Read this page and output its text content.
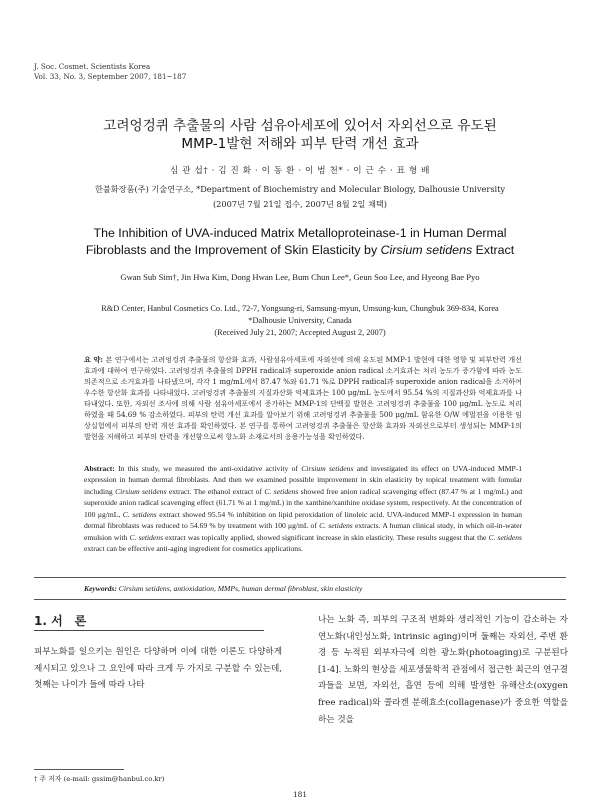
J. Soc. Cosmet. Scientists Korea
Vol. 33, No. 3, September 2007, 181~187
고려엉겅퀴 추출물의 사람 섬유아세포에 있어서 자외선으로 유도된
MMP-1발현 저해와 피부 탄력 개선 효과
심 관 섭† · 김 진 화 · 이 동 환 · 이 범 천* · 이 근 수 · 표 형 배
한불화장품(주) 기술연구소, *Department of Biochemistry and Molecular Biology, Dalhousie University
(2007년 7월 21일 접수, 2007년 8월 2일 채택)
The Inhibition of UVA-induced Matrix Metalloproteinase-1 in Human Dermal
Fibroblasts and the Improvement of Skin Elasticity by Cirsium setidens Extract
Gwan Sub Sim†, Jin Hwa Kim, Dong Hwan Lee, Bum Chun Lee*, Geun Soo Lee, and Hyeong Bae Pyo
R&D Center, Hanbul Cosmetics Co. Ltd., 72-7, Yongsung-ri, Samsung-myun, Umsung-kun, Chungbuk 369-834, Korea
*Dalhousie University, Canada
(Received July 21, 2007; Accepted August 2, 2007)
요 약: 본 연구에서는 고려엉겅퀴 추출물의 항산화 효과, 사람섬유아세포에 자외선에 의해 유도된 MMP-1 발현에 대한 영향 및 피부탄력 개선효과에 대하여 연구하였다. 고려엉겅퀴 추출물의 DPPH radical과 superoxide anion radical 소거효과는 처리 농도가 증가함에 따라 농도 의존적으로 소거효과를 나타냈으며, 각각 1 mg/mL에서 87.47 %와 61.71 %로 DPPH radical과 superoxide anion radical을 소거하여 우수한 항산화 효과를 나타내었다. 고려엉겅퀴 추출물의 지질과산화 억제효과는 100 μg/mL 농도에서 95.54 %의 지질과산화 억제효과를 나타내었다. 또한, 자외선 조사에 의해 사람 섬유아세포에서 증가하는 MMP-1의 단백질 발현은 고려엉겅퀴 추출물을 100 μg/mL 농도로 처리하였을 때 54.69 % 감소하였다. 피부의 탄력 개선 효과를 알아보기 위해 고려엉겅퀴 추출물을 500 μg/mL 함유한 O/W 에멀젼을 이용한 임상실험에서 피부의 탄력 개선 효과를 확인하였다. 본 연구를 통하여 고려엉겅퀴 추출물은 항산화 효과와 자외선으로부터 생성되는 MMP-1의 발현을 저해하고 피부의 탄력을 개선함으로써 항노화 소재로서의 응용가능성을 확인하였다.
Abstract: In this study, we measured the anti-oxidative activity of Cirsium setidens and investigated its effect on UVA-induced MMP-1 expression in human dermal fibroblasts. And then we examined possible improvement in skin elasticity by topical treatment with fomular including Cirsium setidens extract. The ethanol extract of C. setidens showed free anion radical scavenging effect (87.47 % at 1 mg/mL) and superoxide anion radical scavenging effect (61.71 % at 1 mg/mL) in the xanthine/xanthine oxidase system, respectively. At the concentration of 100 μg/mL, C. setidens extract showed 95.54 % inhibition on lipid peroxidation of linoleic acid. UVA-induced MMP-1 expression in human dermal fibroblasts was reduced to 54.69 % by treatment with 100 μg/mL of C. setidens extracts. A human clinical study, in which oil-in-water emulsion with C. setidens extract was topically applied, showed significant increase in skin elasticity. These results suggest that the C. setidens extract can be effective anti-aging ingredient for cosmetics applications.
Keywords: Cirsium setidens, antioxidation, MMPs, human dermal fibroblast, skin elasticity
1. 서　론
피부노화를 일으키는 원인은 다양하며 이에 대한 이론도 다양하게 제시되고 있으나 그 요인에 따라 크게 두 가지로 구분할 수 있는데, 첫째는 나이가 들에 따라 나타
나는 노화 즉, 피부의 구조적 변화와 생리적인 기능이 감소하는 자연노화(내인성노화, intrinsic aging)이며 둘째는 자외선, 주변 환경 등 누적된 외부자극에 의한 광노화(photoaging)로 구분된다[1-4]. 노화의 현상을 세포생물학적 관점에서 접근한 최근의 연구결과들을 보면, 자외선, 흡연 등에 의해 발생한 유해산소(oxygen free radical)와 콜라겐 분해효소(collagenase)가 중요한 역할을 하는 것을
† 주 저자 (e-mail: gssim@hanbul.co.kr)
181
